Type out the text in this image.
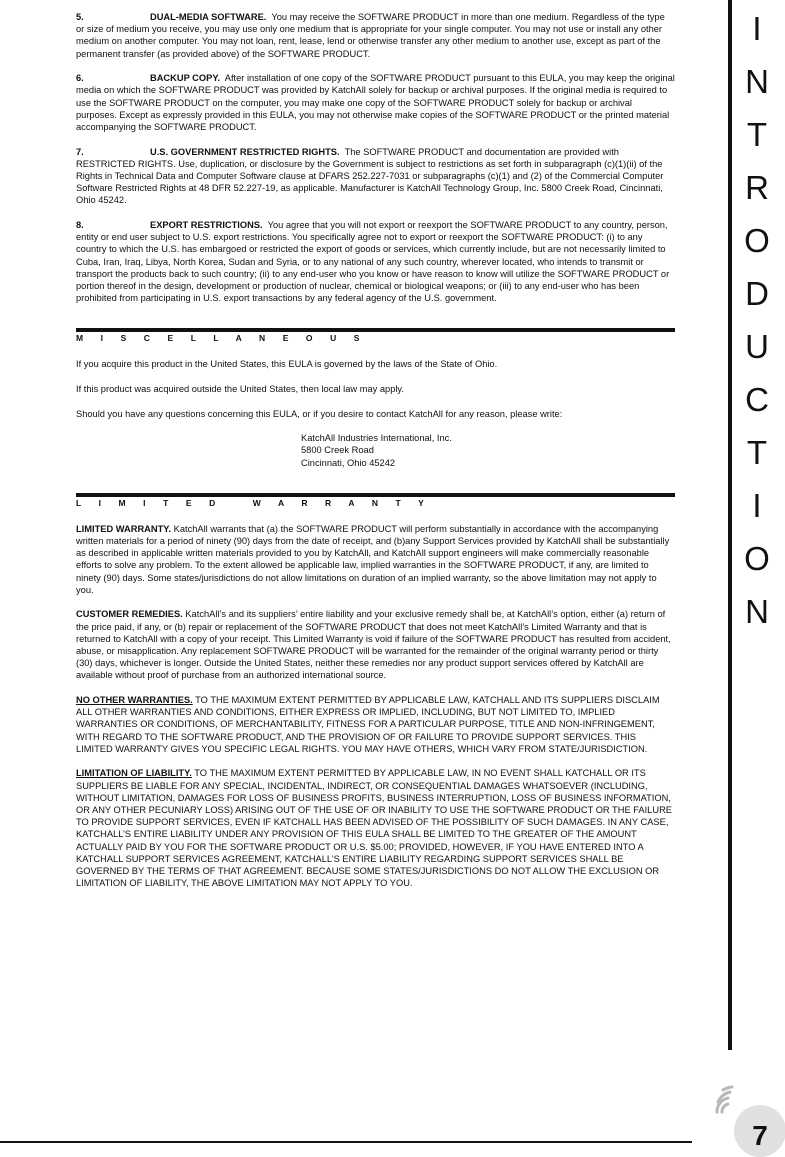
5.	DUAL-MEDIA SOFTWARE. You may receive the SOFTWARE PRODUCT in more than one medium. Regardless of the type or size of medium you receive, you may use only one medium that is appropriate for your single computer. You may not use or install any other medium on another computer. You may not loan, rent, lease, lend or otherwise transfer any other medium to another use, except as part of the permanent transfer (as provided above) of the SOFTWARE PRODUCT.

6.	BACKUP COPY. After installation of one copy of the SOFTWARE PRODUCT pursuant to this EULA, you may keep the original media on which the SOFTWARE PRODUCT was provided by KatchAll solely for backup or archival purposes. If the original media is required to use the SOFTWARE PRODUCT on the computer, you may make one copy of the SOFTWARE PRODUCT solely for backup or archival purposes. Except as expressly provided in this EULA, you may not otherwise make copies of the SOFTWARE PRODUCT or the printed material accompanying the SOFTWARE PRODUCT.

7.	U.S. GOVERNMENT RESTRICTED RIGHTS. The SOFTWARE PRODUCT and documentation are provided with RESTRICTED RIGHTS. Use, duplication, or disclosure by the Government is subject to restrictions as set forth in subparagraph (c)(1)(ii) of the Rights in Technical Data and Computer Software clause at DFARS 252.227-7031 or subparagraphs (c)(1) and (2) of the Commercial Computer Software Restricted Rights at 48 DFR 52.227-19, as applicable. Manufacturer is KatchAll Technology Group, Inc. 5800 Creek Road, Cincinnati, Ohio 45242.

8.	EXPORT RESTRICTIONS. You agree that you will not export or reexport the SOFTWARE PRODUCT to any country, person, entity or end user subject to U.S. export restrictions. You specifically agree not to export or reexport the SOFTWARE PRODUCT: (i) to any country to which the U.S. has embargoed or restricted the export of goods or services, which currently include, but are not necessarily limited to Cuba, Iran, Iraq, Libya, North Korea, Sudan and Syria, or to any national of any such country, wherever located, who intends to transmit or transport the products back to such country; (ii) to any end-user who you know or have reason to know will utilize the SOFTWARE PRODUCT or portion thereof in the design, development or production of nuclear, chemical or biological weapons; or (iii) to any end-user who has been prohibited from participating in U.S. export transactions by any federal agency of the U.S. government.

M I S C E L L A N E O U S

If you acquire this product in the United States, this EULA is governed by the laws of the State of Ohio.

If this product was acquired outside the United States, then local law may apply.

Should you have any questions concerning this EULA, or if you desire to contact KatchAll for any reason, please write:

KatchAll Industries International, Inc.
5800 Creek Road
Cincinnati, Ohio 45242
L I M I T E D   W A R R A N T Y

LIMITED WARRANTY. KatchAll warrants that (a) the SOFTWARE PRODUCT will perform substantially in accordance with the accompanying written materials for a period of ninety (90) days from the date of receipt, and (b)any Support Services provided by KatchAll shall be substantially as described in applicable written materials provided to you by KatchAll, and KatchAll support engineers will make commercially reasonable efforts to solve any problem. To the extent allowed be applicable law, implied warranties in the SOFTWARE PRODUCT, if any, are limited to ninety (90) days. Some states/jurisdictions do not allow limitations on duration of an implied warranty, so the above limitation may not apply to you.

CUSTOMER REMEDIES. KatchAll’s and its suppliers’ entire liability and your exclusive remedy shall be, at KatchAll’s option, either (a) return of the price paid, if any, or (b) repair or replacement of the SOFTWARE PRODUCT that does not meet KatchAll’s Limited Warranty and that is returned to KatchAll with a copy of your receipt. This Limited Warranty is void if failure of the SOFTWARE PRODUCT has resulted from accident, abuse, or misapplication. Any replacement SOFTWARE PRODUCT will be warranted for the remainder of the original warranty period or thirty (30) days, whichever is longer. Outside the United States, neither these remedies nor any product support services offered by KatchAll are available without proof of purchase from an authorized international source.

NO OTHER WARRANTIES. TO THE MAXIMUM EXTENT PERMITTED BY APPLICABLE LAW, KATCHALL AND ITS SUPPLIERS DISCLAIM ALL OTHER WARRANTIES AND CONDITIONS, EITHER EXPRESS OR IMPLIED, INCLUDING, BUT NOT LIMITED TO, IMPLIED WARRANTIES OR CONDITIONS, OF MERCHANTABILITY, FITNESS FOR A PARTICULAR PURPOSE, TITLE AND NON-INFRINGEMENT, WITH REGARD TO THE SOFTWARE PRODUCT, AND THE PROVISION OF OR FAILURE TO PROVIDE SUPPORT SERVICES. THIS LIMITED WARRANTY GIVES YOU SPECIFIC LEGAL RIGHTS. YOU MAY HAVE OTHERS, WHICH VARY FROM STATE/JURISDICTION.

LIMITATION OF LIABILITY. TO THE MAXIMUM EXTENT PERMITTED BY APPLICABLE LAW, IN NO EVENT SHALL KATCHALL OR ITS SUPPLIERS BE LIABLE FOR ANY SPECIAL, INCIDENTAL, INDIRECT, OR CONSEQUENTIAL DAMAGES WHATSOEVER (INCLUDING, WITHOUT LIMITATION, DAMAGES FOR LOSS OF BUSINESS PROFITS, BUSINESS INTERRUPTION, LOSS OF BUSINESS INFORMATION, OR ANY OTHER PECUNIARY LOSS) ARISING OUT OF THE USE OF OR INABILITY TO USE THE SOFTWARE PRODUCT OR THE FAILURE TO PROVIDE SUPPORT SERVICES, EVEN IF KATCHALL HAS BEEN ADVISED OF THE POSSIBILITY OF SUCH DAMAGES. IN ANY CASE, KATCHALL’S ENTIRE LIABILITY UNDER ANY PROVISION OF THIS EULA SHALL BE LIMITED TO THE GREATER OF THE AMOUNT ACTUALLY PAID BY YOU FOR THE SOFTWARE PRODUCT OR U.S. $5.00; PROVIDED, HOWEVER, IF YOU HAVE ENTERED INTO A KATCHALL SUPPORT SERVICES AGREEMENT, KATCHALL’S ENTIRE LIABILITY REGARDING SUPPORT SERVICES SHALL BE GOVERNED BY THE TERMS OF THAT AGREEMENT. BECAUSE SOME STATES/JURISDICTIONS DO NOT ALLOW THE EXCLUSION OR LIMITATION OF LIABILITY, THE ABOVE LIMITATION MAY NOT APPLY TO YOU.

I
N
T
R
O
D
U
C
T
I
O
N
7
